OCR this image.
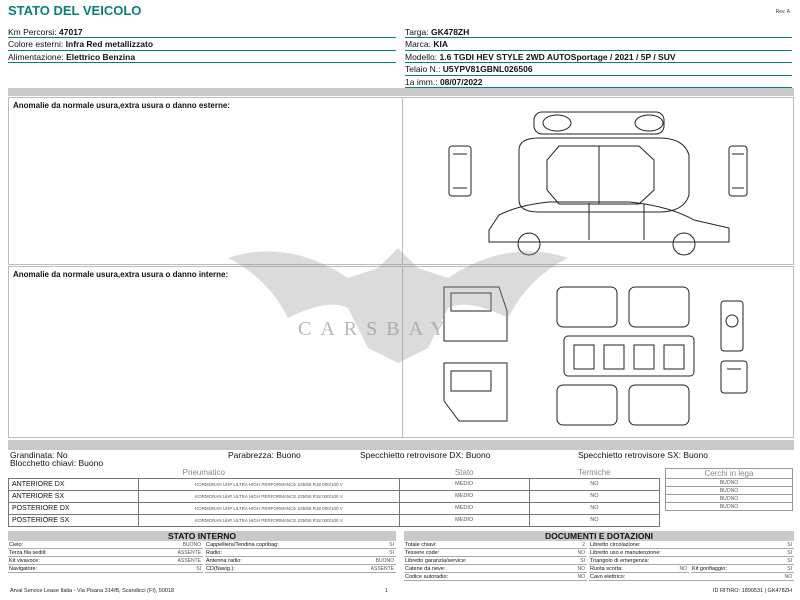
STATO DEL VEICOLO	Rev. A
Km Percorsi: 47017
Colore esterni: Infra Red metallizzato
Alimentazione: Elettrico Benzina
Targa: GK478ZH
Marca: KIA
Modello: 1.6 TGDI HEV STYLE 2WD AUTOSportage / 2021 / 5P / SUV
Telaio N.: U5YPV81GBNL026506
1a imm.: 08/07/2022
Anomalie da normale usura,extra usura o danno esterne:
Anomalie da normale usura,extra usura o danno interne:
CARSBAY
Grandinata: No	Parabrezza: Buono	Specchietto retrovisore DX: Buono	Specchietto retrovisore SX: Buono
Blocchetto chiavi: Buono
Pneumatico		Stato	Termiche
ANTERIORE DX	KORMORAN UHP ULTRA HIGH PERFORMANCE 235/55 R18 000/100 V	MEDIO	NO
ANTERIORE SX	KORMORAN UHP ULTRA HIGH PERFORMANCE 235/55 R18 000/100 V	MEDIO	NO
POSTERIORE DX	KORMORAN UHP ULTRA HIGH PERFORMANCE 235/55 R18 000/100 V	MEDIO	NO
POSTERIORE SX	KORMORAN UHP ULTRA HIGH PERFORMANCE 235/55 R18 000/100 V	MEDIO	NO
Cerchi in lega
BUONO
BUONO
BUONO
BUONO
STATO INTERNO
Cielo:	BUONO
Terza fila sedili:	ASSENTE
Kit vivavoce:	ASSENTE
Navigatore:	SI
Cappelliera/Tendina copribag:	SI
Radio:	SI
Antenna radio:	BUONO
CD(Navig.):	ASSENTE
DOCUMENTI E DOTAZIONI
Totale chiavi:	2
Tessere code:	NO
Libretto garanzia/service:	SI
Catene da neve:	NO
Codice autoradio:	NO
Libretto circolazione:	SI
Libretto uso e manutenzione:	SI
Triangolo di emergenza:	SI
Ruota scorta:	NO Kit gonfiaggio:	SI
Cavo elettrico:	NO
Arval Service Lease Italia - Via Pisana 314/B, Scandicci (FI), 50018	1	ID RITIRO: 1890531 | GK478ZH
